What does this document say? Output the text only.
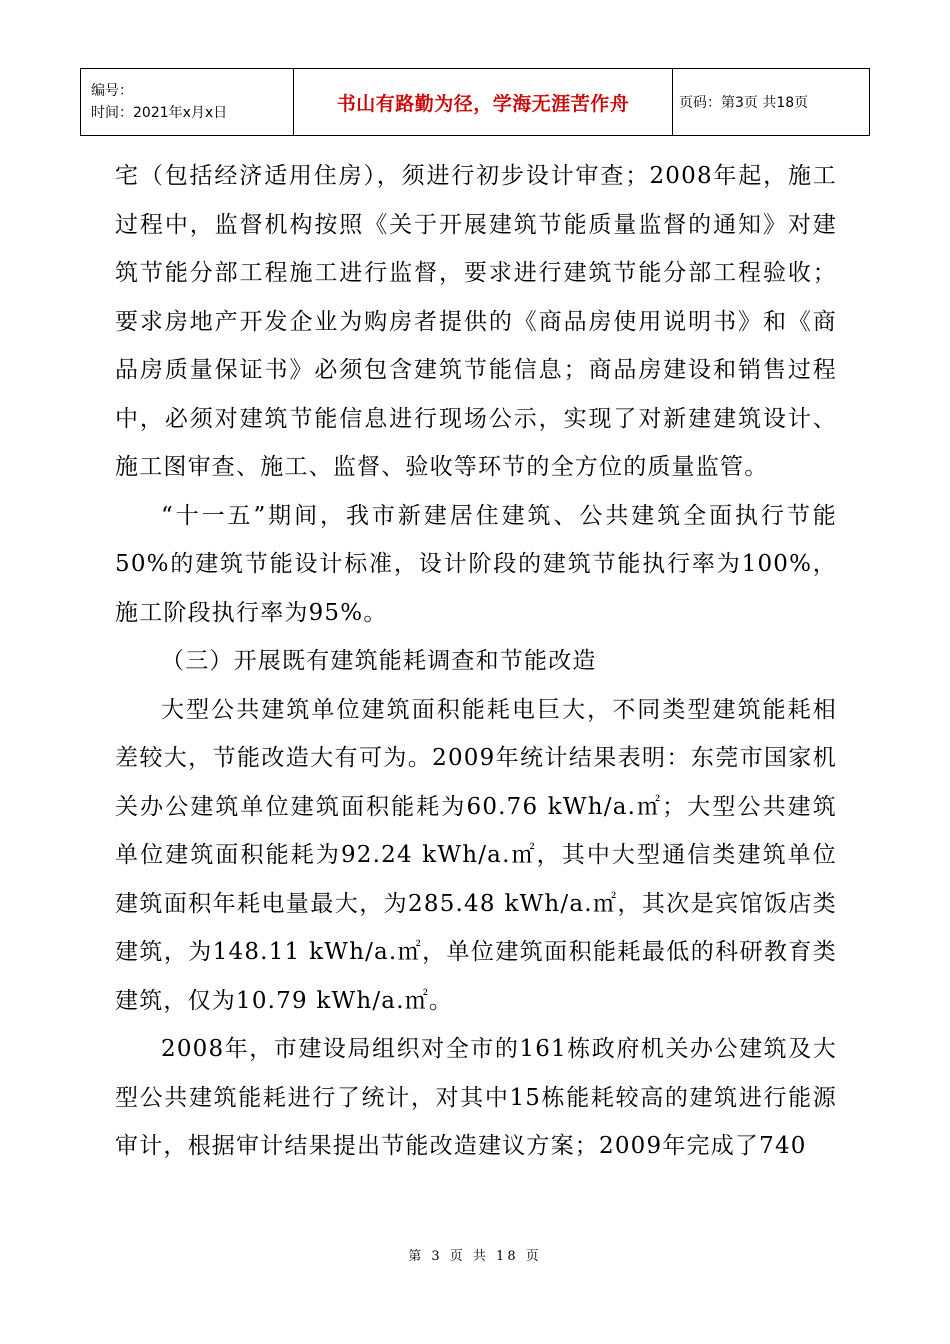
编号：
时间：2021年x月x日	书山有路勤为径，学海无涯苦作舟	页码：第3页 共18页

宅（包括经济适用住房），须进行初步设计审查；2008年起，施工过程中，监督机构按照《关于开展建筑节能质量监督的通知》对建筑节能分部工程施工进行监督，要求进行建筑节能分部工程验收；要求房地产开发企业为购房者提供的《商品房使用说明书》和《商品房质量保证书》必须包含建筑节能信息；商品房建设和销售过程中，必须对建筑节能信息进行现场公示，实现了对新建建筑设计、施工图审查、施工、监督、验收等环节的全方位的质量监管。

“十一五”期间，我市新建居住建筑、公共建筑全面执行节能50%的建筑节能设计标准，设计阶段的建筑节能执行率为100%，施工阶段执行率为95%。

（三）开展既有建筑能耗调查和节能改造

大型公共建筑单位建筑面积能耗电巨大，不同类型建筑能耗相差较大，节能改造大有可为。2009年统计结果表明：东莞市国家机关办公建筑单位建筑面积能耗为60.76 kWh/a.㎡；大型公共建筑单位建筑面积能耗为92.24 kWh/a.㎡，其中大型通信类建筑单位建筑面积年耗电量最大，为285.48 kWh/a.㎡，其次是宾馆饭店类建筑，为148.11 kWh/a.㎡，单位建筑面积能耗最低的科研教育类建筑，仅为10.79 kWh/a.㎡。

2008年，市建设局组织对全市的161栋政府机关办公建筑及大型公共建筑能耗进行了统计，对其中15栋能耗较高的建筑进行能源审计，根据审计结果提出节能改造建议方案；2009年完成了740

第 3 页 共 18 页
